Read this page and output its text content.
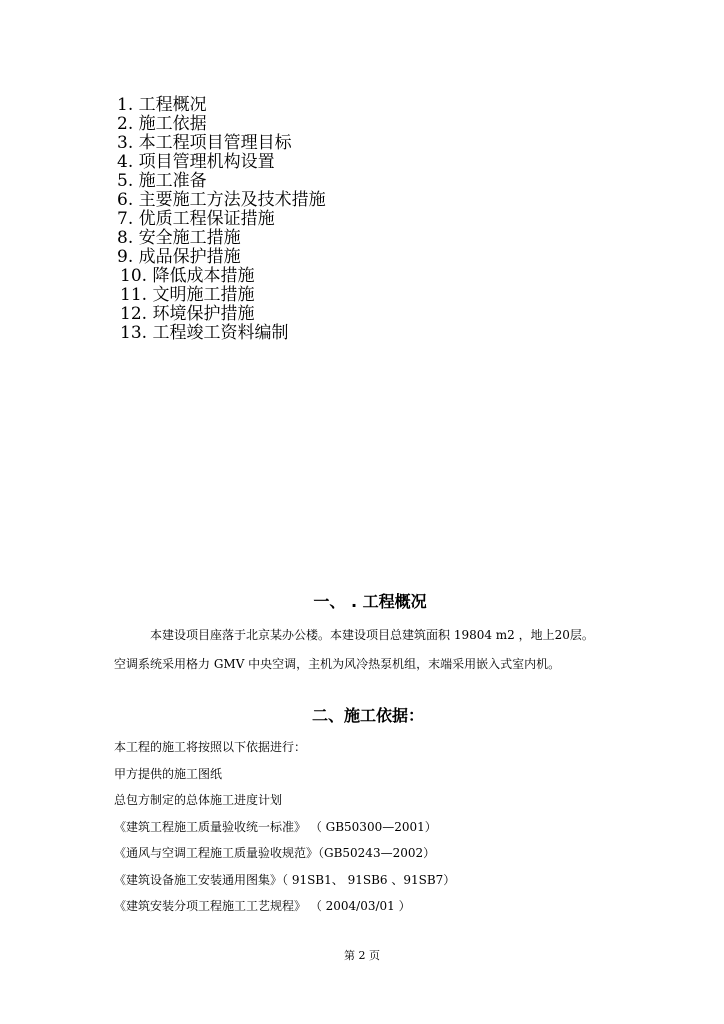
1. 工程概况
2. 施工依据
3. 本工程项目管理目标
4. 项目管理机构设置
5. 施工准备
6. 主要施工方法及技术措施
7. 优质工程保证措施
8. 安全施工措施
9. 成品保护措施
10. 降低成本措施
11. 文明施工措施
12. 环境保护措施
13. 工程竣工资料编制
一、 . 工程概况
本建设项目座落于北京某办公楼。本建设项目总建筑面积 19804 m2 ，地上20层。
空调系统采用格力 GMV 中央空调，主机为风冷热泵机组，末端采用嵌入式室内机。
二、施工依据：
本工程的施工将按照以下依据进行：
甲方提供的施工图纸
总包方制定的总体施工进度计划
《建筑工程施工质量验收统一标准》 （ GB50300—2001）
《通风与空调工程施工质量验收规范》（GB50243—2002）
《建筑设备施工安装通用图集》（ 91SB1、 91SB6 、91SB7）
《建筑安装分项工程施工工艺规程》 （ 2004/03/01 ）
第 2 页
